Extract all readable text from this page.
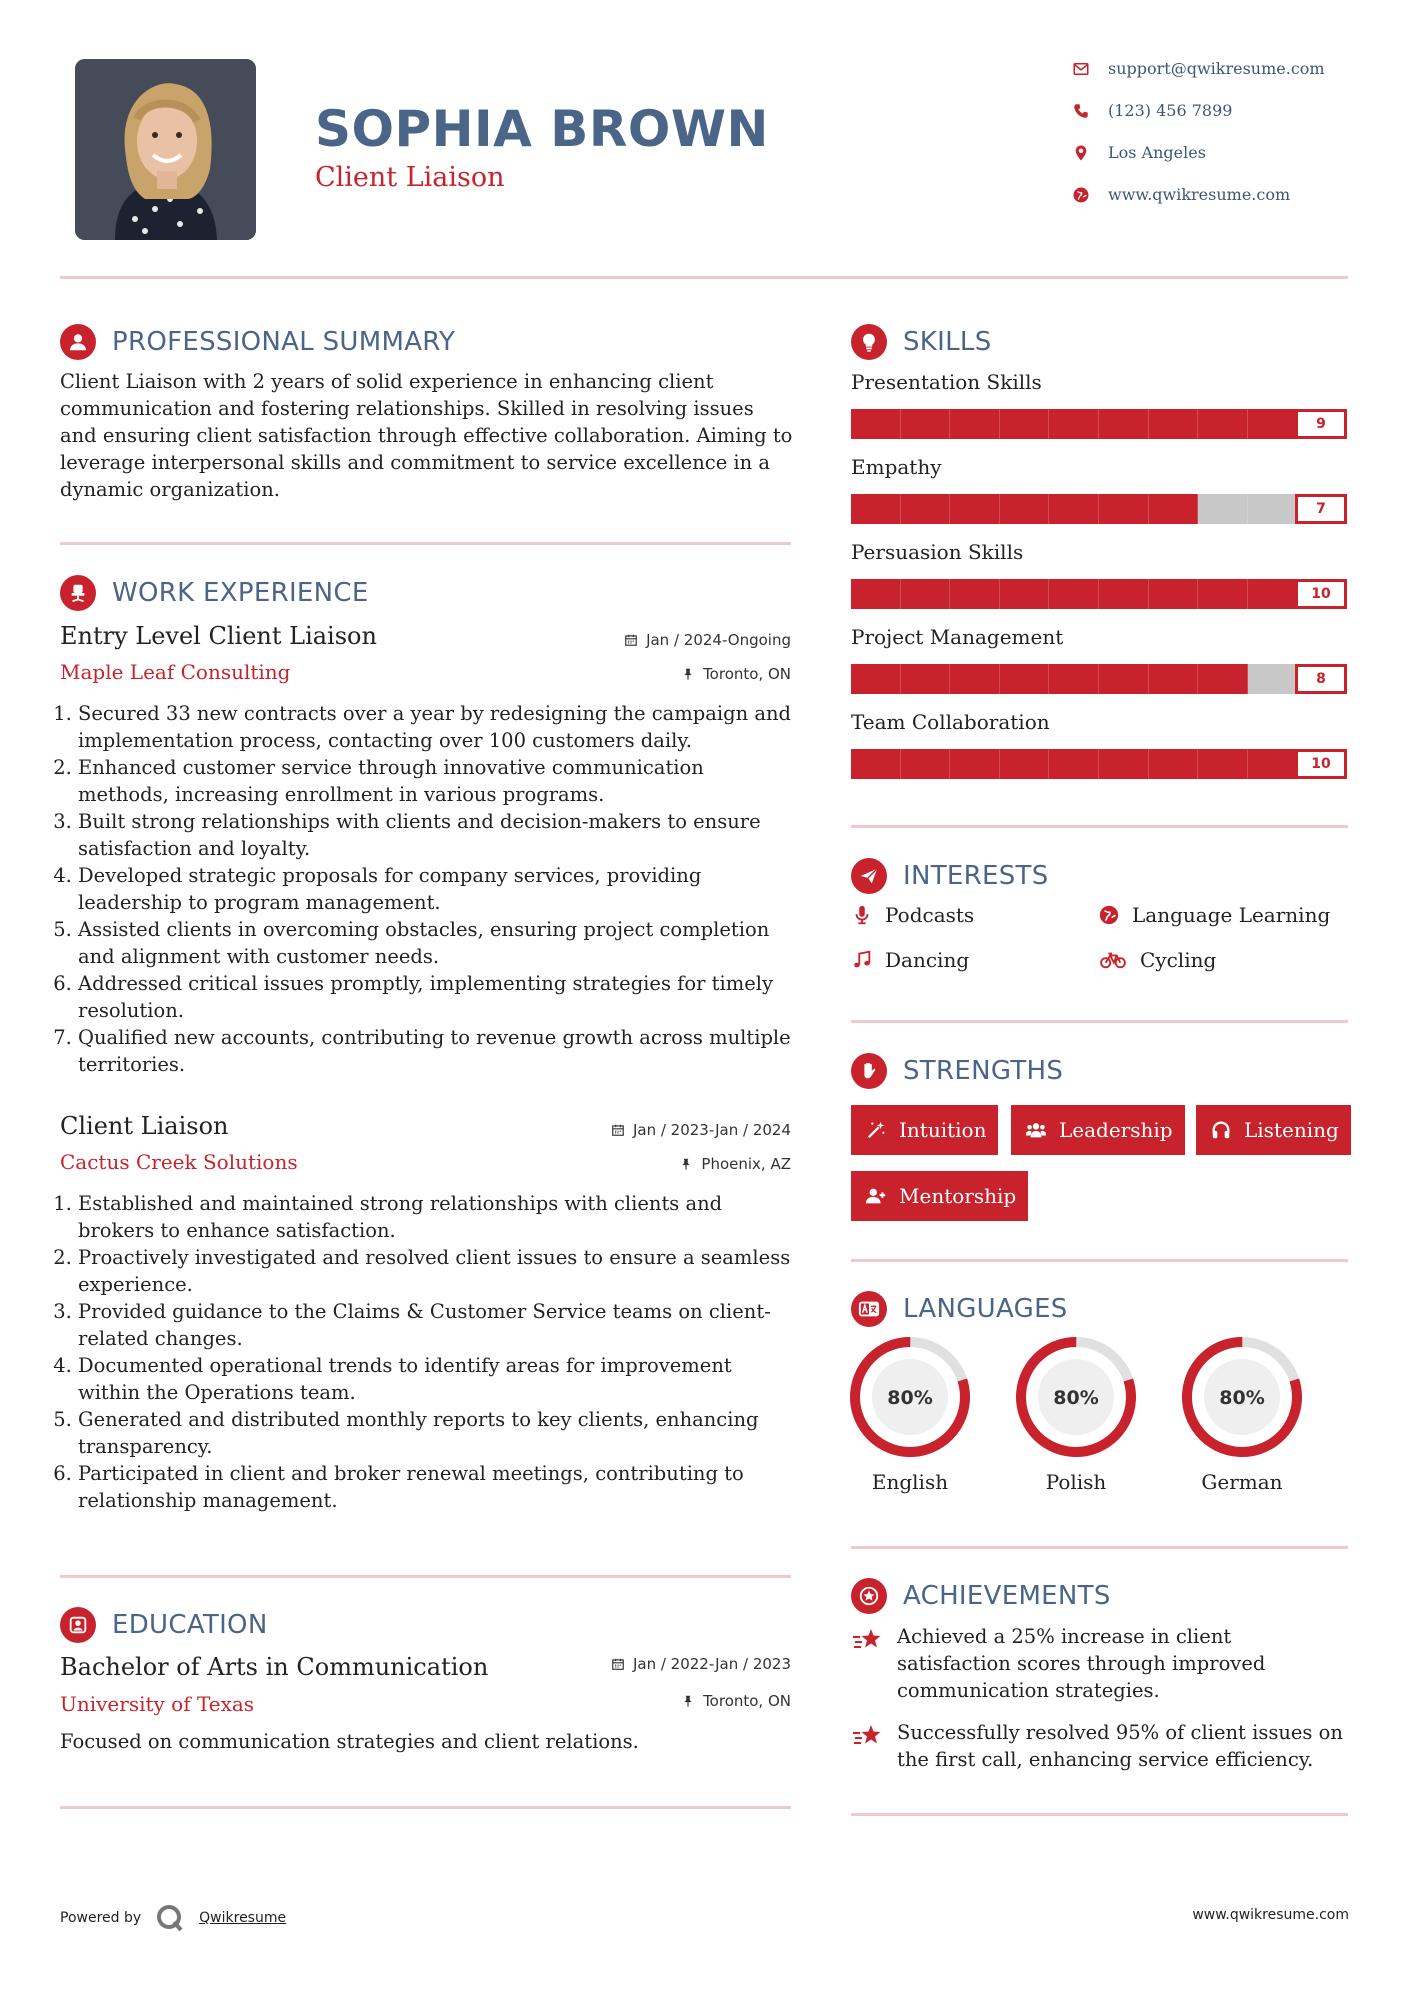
SOPHIA BROWN
Client Liaison
support@qwikresume.com
(123) 456 7899
Los Angeles
www.qwikresume.com
PROFESSIONAL SUMMARY
Client Liaison with 2 years of solid experience in enhancing client communication and fostering relationships. Skilled in resolving issues and ensuring client satisfaction through effective collaboration. Aiming to leverage interpersonal skills and commitment to service excellence in a dynamic organization.
WORK EXPERIENCE
Entry Level Client Liaison
Maple Leaf Consulting
Jan / 2024-Ongoing
Toronto, ON
1. Secured 33 new contracts over a year by redesigning the campaign and implementation process, contacting over 100 customers daily.
2. Enhanced customer service through innovative communication methods, increasing enrollment in various programs.
3. Built strong relationships with clients and decision-makers to ensure satisfaction and loyalty.
4. Developed strategic proposals for company services, providing leadership to program management.
5. Assisted clients in overcoming obstacles, ensuring project completion and alignment with customer needs.
6. Addressed critical issues promptly, implementing strategies for timely resolution.
7. Qualified new accounts, contributing to revenue growth across multiple territories.
Client Liaison
Cactus Creek Solutions
Jan / 2023-Jan / 2024
Phoenix, AZ
1. Established and maintained strong relationships with clients and brokers to enhance satisfaction.
2. Proactively investigated and resolved client issues to ensure a seamless experience.
3. Provided guidance to the Claims & Customer Service teams on client-related changes.
4. Documented operational trends to identify areas for improvement within the Operations team.
5. Generated and distributed monthly reports to key clients, enhancing transparency.
6. Participated in client and broker renewal meetings, contributing to relationship management.
EDUCATION
Bachelor of Arts in Communication
University of Texas
Jan / 2022-Jan / 2023
Toronto, ON
Focused on communication strategies and client relations.
SKILLS
Presentation Skills
9
Empathy
7
Persuasion Skills
10
Project Management
8
Team Collaboration
10
INTERESTS
Podcasts	Language Learning
Dancing	Cycling
STRENGTHS
Intuition	Leadership	Listening
Mentorship
LANGUAGES
80%
English
80%
Polish
80%
German
ACHIEVEMENTS
Achieved a 25% increase in client satisfaction scores through improved communication strategies.
Successfully resolved 95% of client issues on the first call, enhancing service efficiency.
Powered by	Qwikresume	www.qwikresume.com
